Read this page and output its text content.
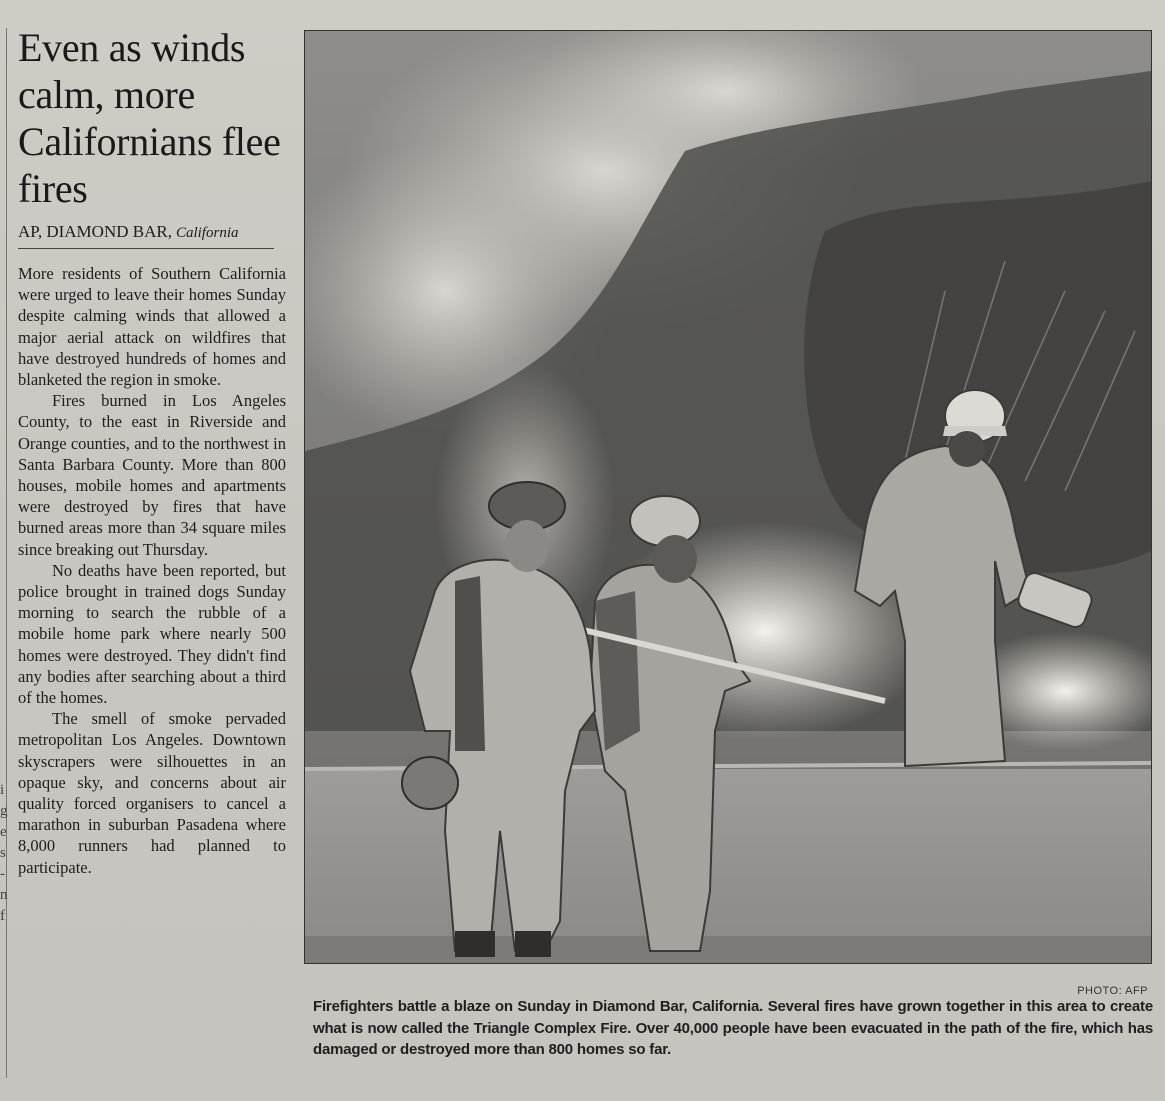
i
g
e
s
-
n
f
Even as winds calm, more Californians flee fires
AP, DIAMOND BAR, California

More residents of Southern California were urged to leave their homes Sunday despite calming winds that allowed a major aerial attack on wildfires that have destroyed hundreds of homes and blanketed the region in smoke.

Fires burned in Los Angeles County, to the east in Riverside and Orange counties, and to the northwest in Santa Barbara County. More than 800 houses, mobile homes and apartments were destroyed by fires that have burned areas more than 34 square miles since breaking out Thursday.

No deaths have been reported, but police brought in trained dogs Sunday morning to search the rubble of a mobile home park where nearly 500 homes were destroyed. They didn't find any bodies after searching about a third of the homes.

The smell of smoke pervaded metropolitan Los Angeles. Downtown skyscrapers were silhouettes in an opaque sky, and concerns about air quality forced organisers to cancel a marathon in suburban Pasadena where 8,000 runners had planned to participate.

PHOTO: AFP
Firefighters battle a blaze on Sunday in Diamond Bar, California. Several fires have grown together in this area to create what is now called the Triangle Complex Fire. Over 40,000 people have been evacuated in the path of the fire, which has damaged or destroyed more than 800 homes so far.
